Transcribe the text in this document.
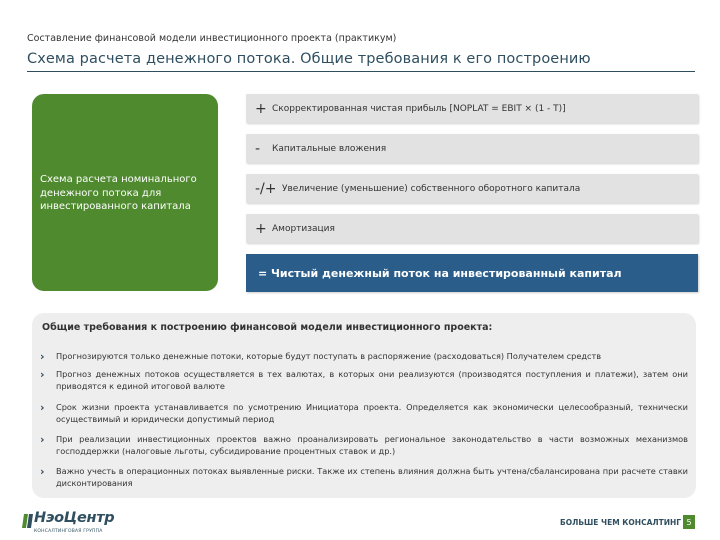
Составление финансовой модели инвестиционного проекта (практикум)
Схема расчета денежного потока. Общие требования к его построению
Схема расчета номинального денежного потока для инвестированного капитала
+ Скорректированная чистая прибыль [NOPLAT = EBIT × (1 - T)]
-	Капитальные вложения
-/+ Увеличение (уменьшение) собственного оборотного капитала
+ Амортизация
= Чистый денежный поток на инвестированный капитал
Общие требования к построению финансовой модели инвестиционного проекта:
› Прогнозируются только денежные потоки, которые будут поступать в распоряжение (расходоваться) Получателем средств
› Прогноз денежных потоков осуществляется в тех валютах, в которых они реализуются (производятся поступления и платежи), затем они приводятся к единой итоговой валюте
› Срок жизни проекта устанавливается по усмотрению Инициатора проекта. Определяется как экономически целесообразный, технически осуществимый и юридически допустимый период
› При реализации инвестиционных проектов важно проанализировать региональное законодательство в части возможных механизмов господдержки (налоговые льготы, субсидирование процентных ставок и др.)
› Важно учесть в операционных потоках выявленные риски. Также их степень влияния должна быть учтена/сбалансирована при расчете ставки дисконтирования
НэоЦентр
КОНСАЛТИНГОВАЯ ГРУППА
БОЛЬШЕ ЧЕМ КОНСАЛТИНГ 5
